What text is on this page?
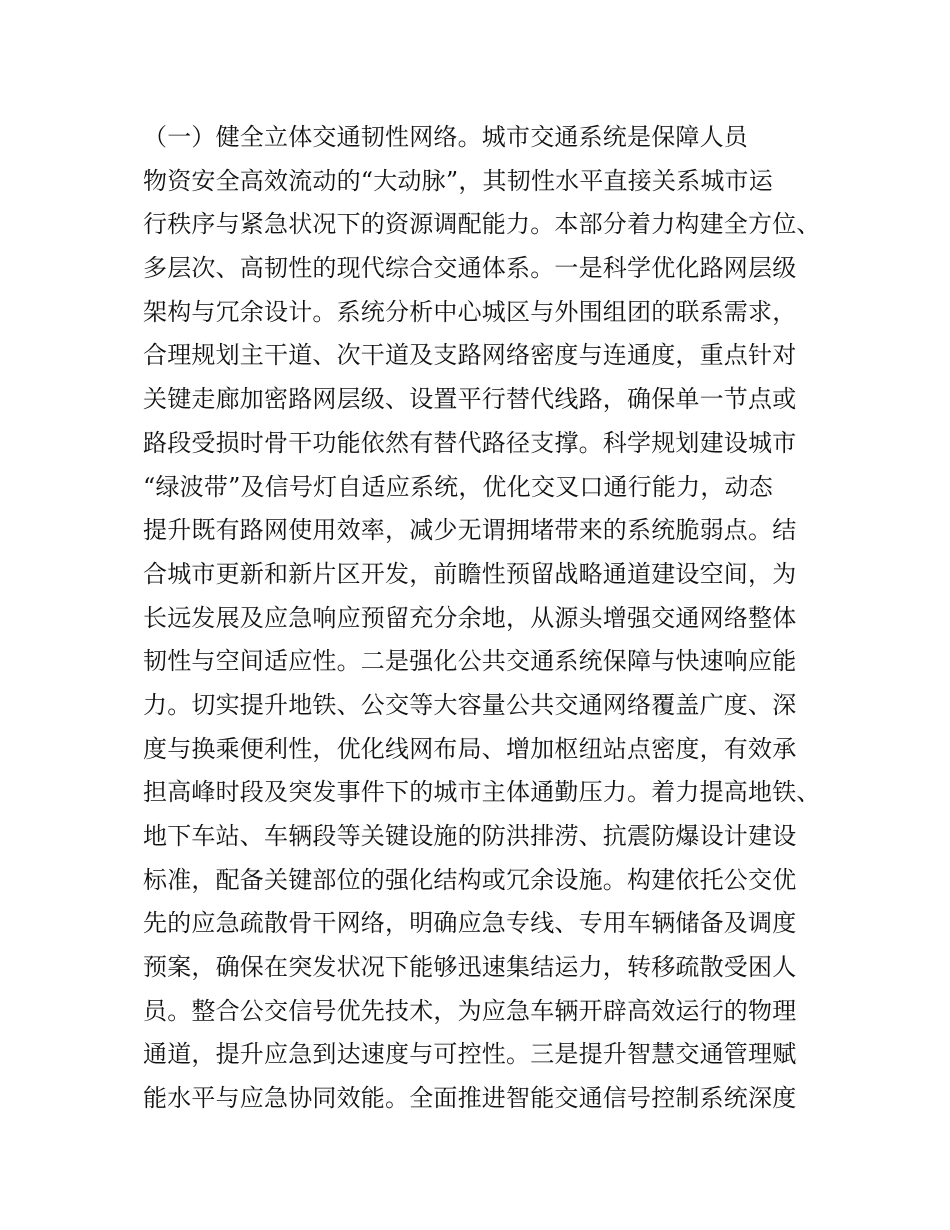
（一）健全立体交通韧性网络。城市交通系统是保障人员
物资安全高效流动的“大动脉”，其韧性水平直接关系城市运
行秩序与紧急状况下的资源调配能力。本部分着力构建全方位、
多层次、高韧性的现代综合交通体系。一是科学优化路网层级
架构与冗余设计。系统分析中心城区与外围组团的联系需求，
合理规划主干道、次干道及支路网络密度与连通度，重点针对
关键走廊加密路网层级、设置平行替代线路，确保单一节点或
路段受损时骨干功能依然有替代路径支撑。科学规划建设城市
“绿波带”及信号灯自适应系统，优化交叉口通行能力，动态
提升既有路网使用效率，减少无谓拥堵带来的系统脆弱点。结
合城市更新和新片区开发，前瞻性预留战略通道建设空间，为
长远发展及应急响应预留充分余地，从源头增强交通网络整体
韧性与空间适应性。二是强化公共交通系统保障与快速响应能
力。切实提升地铁、公交等大容量公共交通网络覆盖广度、深
度与换乘便利性，优化线网布局、增加枢纽站点密度，有效承
担高峰时段及突发事件下的城市主体通勤压力。着力提高地铁、
地下车站、车辆段等关键设施的防洪排涝、抗震防爆设计建设
标准，配备关键部位的强化结构或冗余设施。构建依托公交优
先的应急疏散骨干网络，明确应急专线、专用车辆储备及调度
预案，确保在突发状况下能够迅速集结运力，转移疏散受困人
员。整合公交信号优先技术，为应急车辆开辟高效运行的物理
通道，提升应急到达速度与可控性。三是提升智慧交通管理赋
能水平与应急协同效能。全面推进智能交通信号控制系统深度
